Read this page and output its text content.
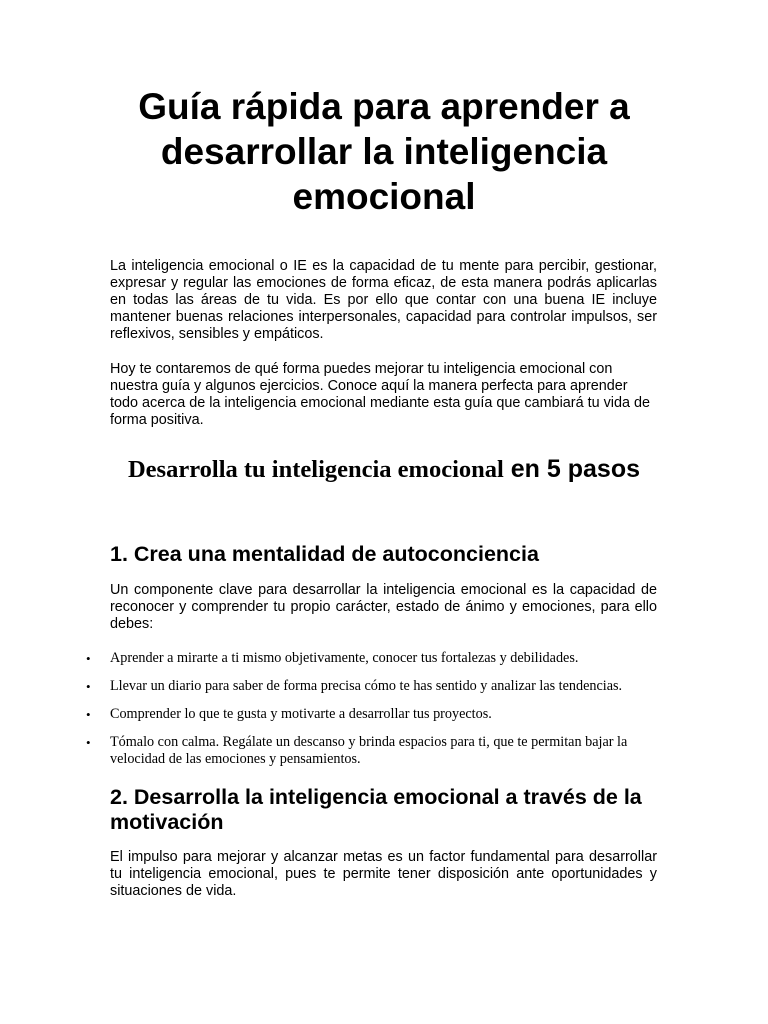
Guía rápida para aprender a desarrollar la inteligencia emocional

La inteligencia emocional o IE es la capacidad de tu mente para percibir, gestionar, expresar y regular las emociones de forma eficaz, de esta manera podrás aplicarlas en todas las áreas de tu vida. Es por ello que contar con una buena IE incluye mantener buenas relaciones interpersonales, capacidad para controlar impulsos, ser reflexivos, sensibles y empáticos.

Hoy te contaremos de qué forma puedes mejorar tu inteligencia emocional con nuestra guía y algunos ejercicios. Conoce aquí la manera perfecta para aprender todo acerca de la inteligencia emocional mediante esta guía que cambiará tu vida de forma positiva.

Desarrolla tu inteligencia emocional en 5 pasos
1. Crea una mentalidad de autoconciencia

Un componente clave para desarrollar la inteligencia emocional es la capacidad de reconocer y comprender tu propio carácter, estado de ánimo y emociones, para ello debes:

• Aprender a mirarte a ti mismo objetivamente, conocer tus fortalezas y debilidades.
• Llevar un diario para saber de forma precisa cómo te has sentido y analizar las tendencias.
• Comprender lo que te gusta y motivarte a desarrollar tus proyectos.
• Tómalo con calma. Regálate un descanso y brinda espacios para ti, que te permitan bajar la velocidad de las emociones y pensamientos.
2. Desarrolla la inteligencia emocional a través de la motivación

El impulso para mejorar y alcanzar metas es un factor fundamental para desarrollar tu inteligencia emocional, pues te permite tener disposición ante oportunidades y situaciones de vida.
